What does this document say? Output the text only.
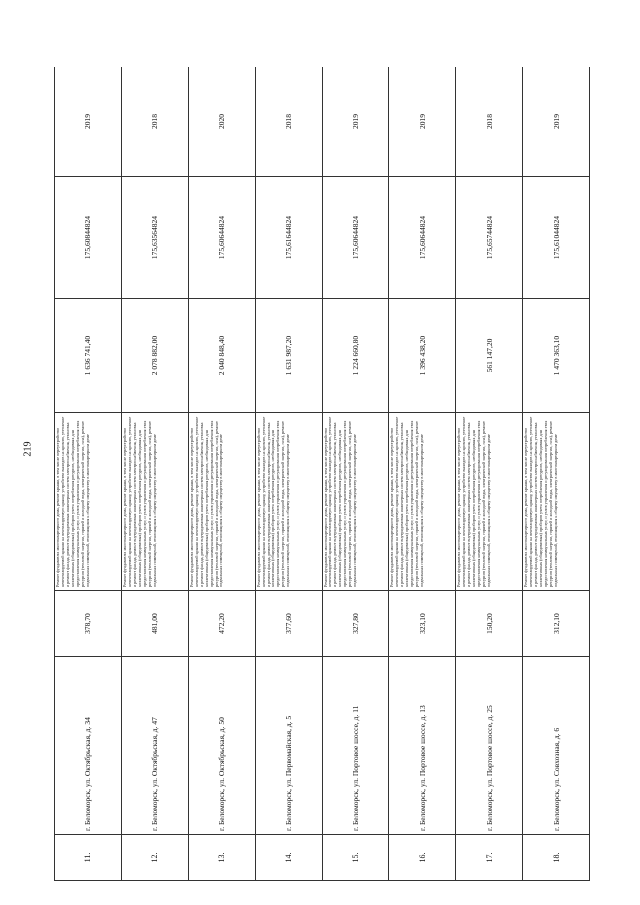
219
11.	г. Беломорск, ул. Октябрьская, д. 34	378,70	Ремонт фундамента многоквартирного дома, ремонт крыши, в том числе переустройство невентилируемой крыши на вентилируемую крышу, устройство выходов на кровлю, утепление и ремонт фасада, ремонт внутридомовых инженерных систем электроснабжения, установка коллективных (общедомовых) приборов учета потребления ресурсов, необходимых для предоставления коммунальных услуг, и узлов управления и регулирования потребления этих ресурсов (тепловой энергии, горячей и холодной воды, электрической энергии, газа), ремонт подвальных помещений, относящихся к общему имуществу в многоквартирном доме	1 636 741,40	175,60844824	2019
12.	г. Беломорск, ул. Октябрьская, д. 47	481,00	Ремонт фундамента многоквартирного дома, ремонт крыши, в том числе переустройство невентилируемой крыши на вентилируемую крышу, устройство выходов на кровлю, утепление и ремонт фасада, ремонт внутридомовых инженерных систем электроснабжения, установка коллективных (общедомовых) приборов учета потребления ресурсов, необходимых для предоставления коммунальных услуг, и узлов управления и регулирования потребления этих ресурсов (тепловой энергии, горячей и холодной воды, электрической энергии, газа), ремонт подвальных помещений, относящихся к общему имуществу в многоквартирном доме	2 078 882,00	175,63564824	2018
13.	г. Беломорск, ул. Октябрьская, д. 50	472,20	Ремонт фундамента многоквартирного дома, ремонт крыши, в том числе переустройство невентилируемой крыши на вентилируемую крышу, устройство выходов на кровлю, утепление и ремонт фасада, ремонт внутридомовых инженерных систем электроснабжения, установка коллективных (общедомовых) приборов учета потребления ресурсов, необходимых для предоставления коммунальных услуг, и узлов управления и регулирования потребления этих ресурсов (тепловой энергии, горячей и холодной воды, электрической энергии, газа), ремонт подвальных помещений, относящихся к общему имуществу в многоквартирном доме	2 040 848,40	175,60644824	2020
14.	г. Беломорск, ул. Первомайская, д. 5	377,60	Ремонт фундамента многоквартирного дома, ремонт крыши, в том числе переустройство невентилируемой крыши на вентилируемую крышу, устройство выходов на кровлю, утепление и ремонт фасада, ремонт внутридомовых инженерных систем электроснабжения, установка коллективных (общедомовых) приборов учета потребления ресурсов, необходимых для предоставления коммунальных услуг, и узлов управления и регулирования потребления этих ресурсов (тепловой энергии, горячей и холодной воды, электрической энергии, газа), ремонт подвальных помещений, относящихся к общему имуществу в многоквартирном доме	1 631 987,20	175,61644824	2018
15.	г. Беломорск, ул. Портовое шоссе, д. 11	327,80	Ремонт фундамента многоквартирного дома, ремонт крыши, в том числе переустройство невентилируемой крыши на вентилируемую крышу, устройство выходов на кровлю, утепление и ремонт фасада, ремонт внутридомовых инженерных систем электроснабжения, установка коллективных (общедомовых) приборов учета потребления ресурсов, необходимых для предоставления коммунальных услуг, и узлов управления и регулирования потребления этих ресурсов (тепловой энергии, горячей и холодной воды, электрической энергии, газа), ремонт подвальных помещений, относящихся к общему имуществу в многоквартирном доме	1 224 660,80	175,60644824	2019
16.	г. Беломорск, ул. Портовое шоссе, д. 13	323,10	Ремонт фундамента многоквартирного дома, ремонт крыши, в том числе переустройство невентилируемой крыши на вентилируемую крышу, устройство выходов на кровлю, утепление и ремонт фасада, ремонт внутридомовых инженерных систем электроснабжения, установка коллективных (общедомовых) приборов учета потребления ресурсов, необходимых для предоставления коммунальных услуг, и узлов управления и регулирования потребления этих ресурсов (тепловой энергии, горячей и холодной воды, электрической энергии, газа), ремонт подвальных помещений, относящихся к общему имуществу в многоквартирном доме	1 396 438,20	175,60644824	2019
17.	г. Беломорск, ул. Портовое шоссе, д. 25	150,20	Ремонт фундамента многоквартирного дома, ремонт крыши, в том числе переустройство невентилируемой крыши на вентилируемую крышу, устройство выходов на кровлю, утепление и ремонт фасада, ремонт внутридомовых инженерных систем электроснабжения, установка коллективных (общедомовых) приборов учета потребления ресурсов, необходимых для предоставления коммунальных услуг, и узлов управления и регулирования потребления этих ресурсов (тепловой энергии, горячей и холодной воды, электрической энергии, газа), ремонт подвальных помещений, относящихся к общему имуществу в многоквартирном доме	561 147,20	175,65744824	2018
18.	г. Беломорск, ул. Совхозная, д. 6	312,10	Ремонт фундамента многоквартирного дома, ремонт крыши, в том числе переустройство невентилируемой крыши на вентилируемую крышу, устройство выходов на кровлю, утепление и ремонт фасада, ремонт внутридомовых инженерных систем электроснабжения, установка коллективных (общедомовых) приборов учета потребления ресурсов, необходимых для предоставления коммунальных услуг, и узлов управления и регулирования потребления этих ресурсов (тепловой энергии, горячей и холодной воды, электрической энергии, газа), ремонт подвальных помещений, относящихся к общему имуществу в многоквартирном доме	1 470 363,10	175,61044824	2019
